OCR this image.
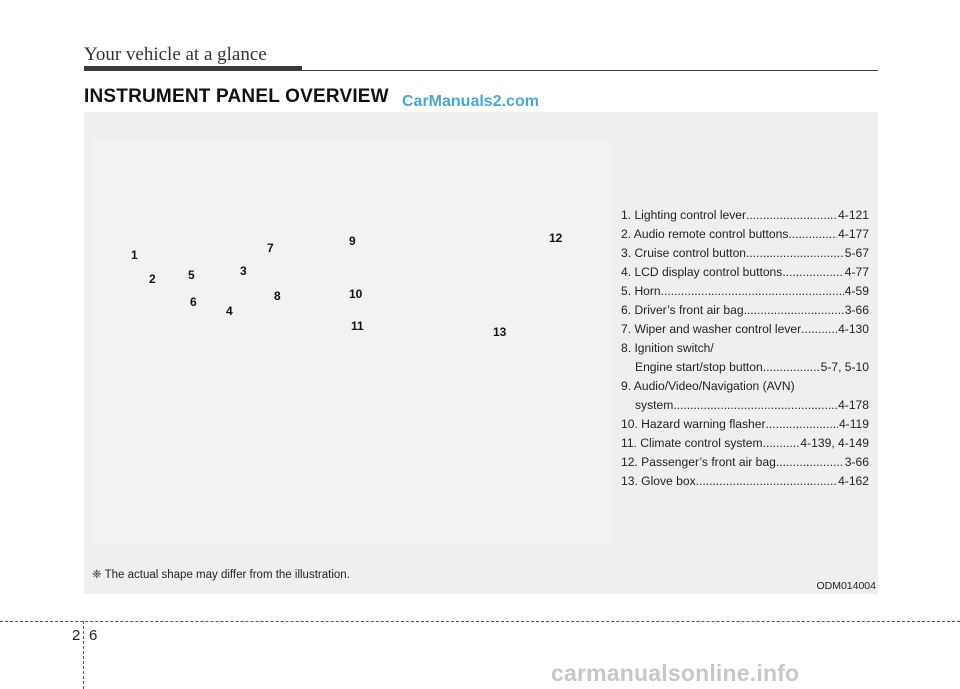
Your vehicle at a glance
INSTRUMENT PANEL OVERVIEW CarManuals2.com
1
2
3
4
5
6
7
8
9
10
11
12
13
1. Lighting control lever .....	4-121
2. Audio remote control buttons .....	4-177
3. Cruise control button .....	5-67
4. LCD display control buttons .....	4-77
5. Horn .....	4-59
6. Driver’s front air bag .....	3-66
7. Wiper and washer control lever .....	4-130
8. Ignition switch/
Engine start/stop button .....	5-7, 5-10
9. Audio/Video/Navigation (AVN)
system .....	4-178
10. Hazard warning flasher .....	4-119
11. Climate control system .....	4-139, 4-149
12. Passenger’s front air bag .....	3-66
13. Glove box .....	4-162
❈ The actual shape may differ from the illustration.
ODM014004
2 6
carmanualsonline.info
